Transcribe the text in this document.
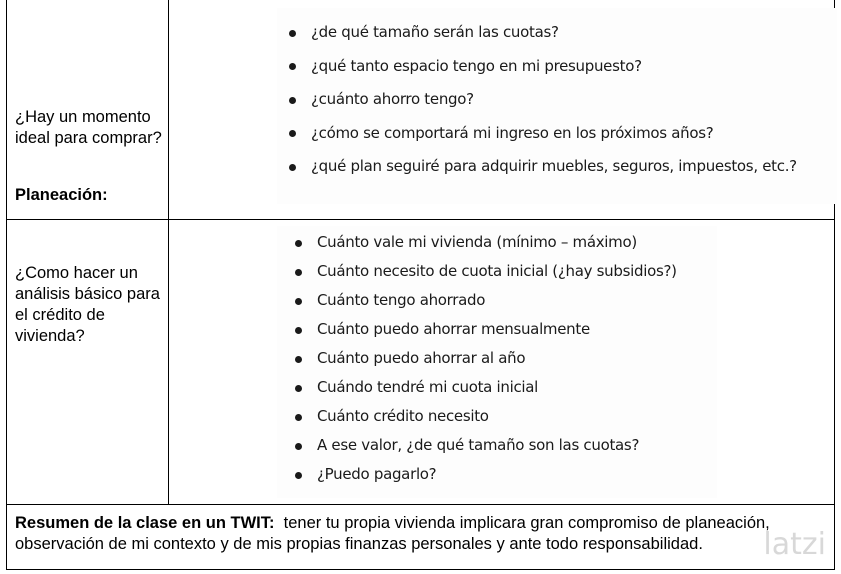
¿Hay un momento ideal para comprar?
Planeación:
¿de qué tamaño serán las cuotas?
¿qué tanto espacio tengo en mi presupuesto?
¿cuánto ahorro tengo?
¿cómo se comportará mi ingreso en los próximos años?
¿qué plan seguiré para adquirir muebles, seguros, impuestos, etc.?
¿Como hacer un análisis básico para el crédito de vivienda?
Cuánto vale mi vivienda (mínimo – máximo)
Cuánto necesito de cuota inicial (¿hay subsidios?)
Cuánto tengo ahorrado
Cuánto puedo ahorrar mensualmente
Cuánto puedo ahorrar al año
Cuándo tendré mi cuota inicial
Cuánto crédito necesito
A ese valor, ¿de qué tamaño son las cuotas?
¿Puedo pagarlo?
Resumen de la clase en un TWIT: tener tu propia vivienda implicara gran compromiso de planeación, observación de mi contexto y de mis propias finanzas personales y ante todo responsabilidad.	latzi
